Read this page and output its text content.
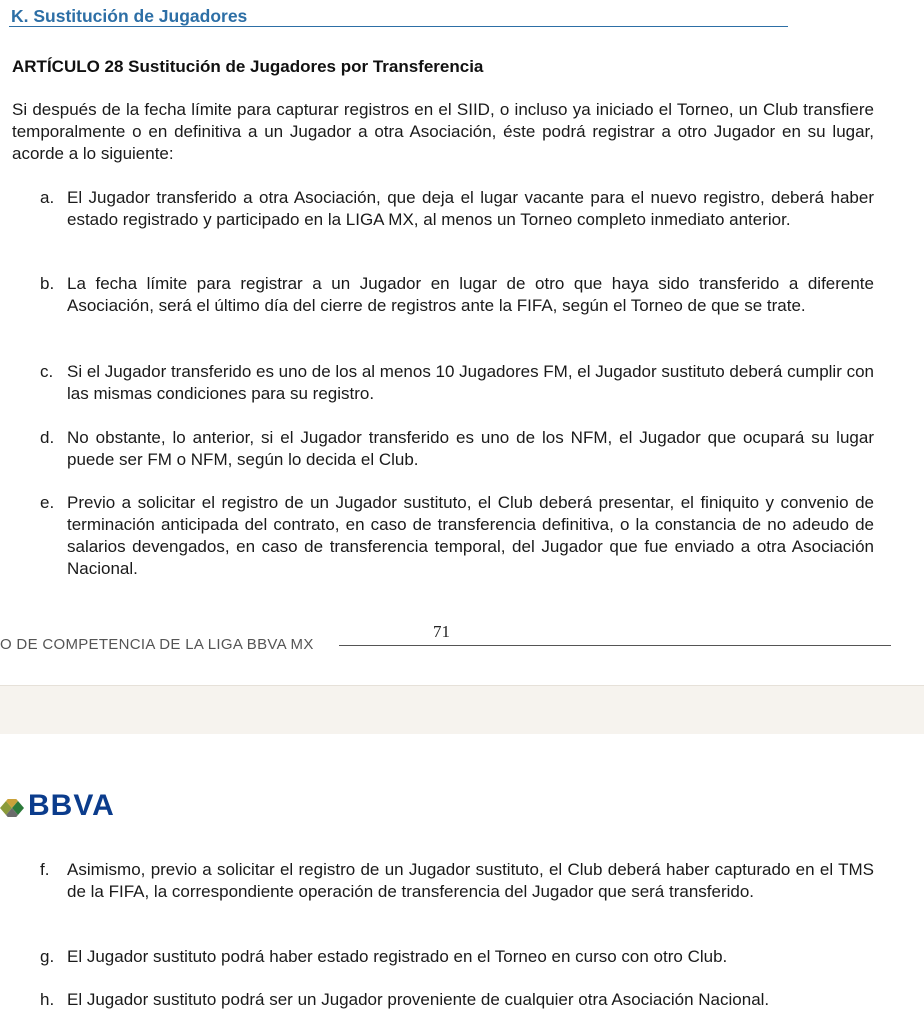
K. Sustitución de Jugadores
ARTÍCULO 28 Sustitución de Jugadores por Transferencia

Si después de la fecha límite para capturar registros en el SIID, o incluso ya iniciado el Torneo, un Club transfiere temporalmente o en definitiva a un Jugador a otra Asociación, éste podrá registrar a otro Jugador en su lugar, acorde a lo siguiente:

a. El Jugador transferido a otra Asociación, que deja el lugar vacante para el nuevo registro, deberá haber estado registrado y participado en la LIGA MX, al menos un Torneo completo inmediato anterior.
b. La fecha límite para registrar a un Jugador en lugar de otro que haya sido transferido a diferente Asociación, será el último día del cierre de registros ante la FIFA, según el Torneo de que se trate.
c. Si el Jugador transferido es uno de los al menos 10 Jugadores FM, el Jugador sustituto deberá cumplir con las mismas condiciones para su registro.
d. No obstante, lo anterior, si el Jugador transferido es uno de los NFM, el Jugador que ocupará su lugar puede ser FM o NFM, según lo decida el Club.
e. Previo a solicitar el registro de un Jugador sustituto, el Club deberá presentar, el finiquito y convenio de terminación anticipada del contrato, en caso de transferencia definitiva, o la constancia de no adeudo de salarios devengados, en caso de transferencia temporal, del Jugador que fue enviado a otra Asociación Nacional.
O DE COMPETENCIA DE LA LIGA BBVA MX
71
BBVA
f.	Asimismo, previo a solicitar el registro de un Jugador sustituto, el Club deberá haber capturado en el TMS de la FIFA, la correspondiente operación de transferencia del Jugador que será transferido.
g. El Jugador sustituto podrá haber estado registrado en el Torneo en curso con otro Club.
h. El Jugador sustituto podrá ser un Jugador proveniente de cualquier otra Asociación Nacional.
